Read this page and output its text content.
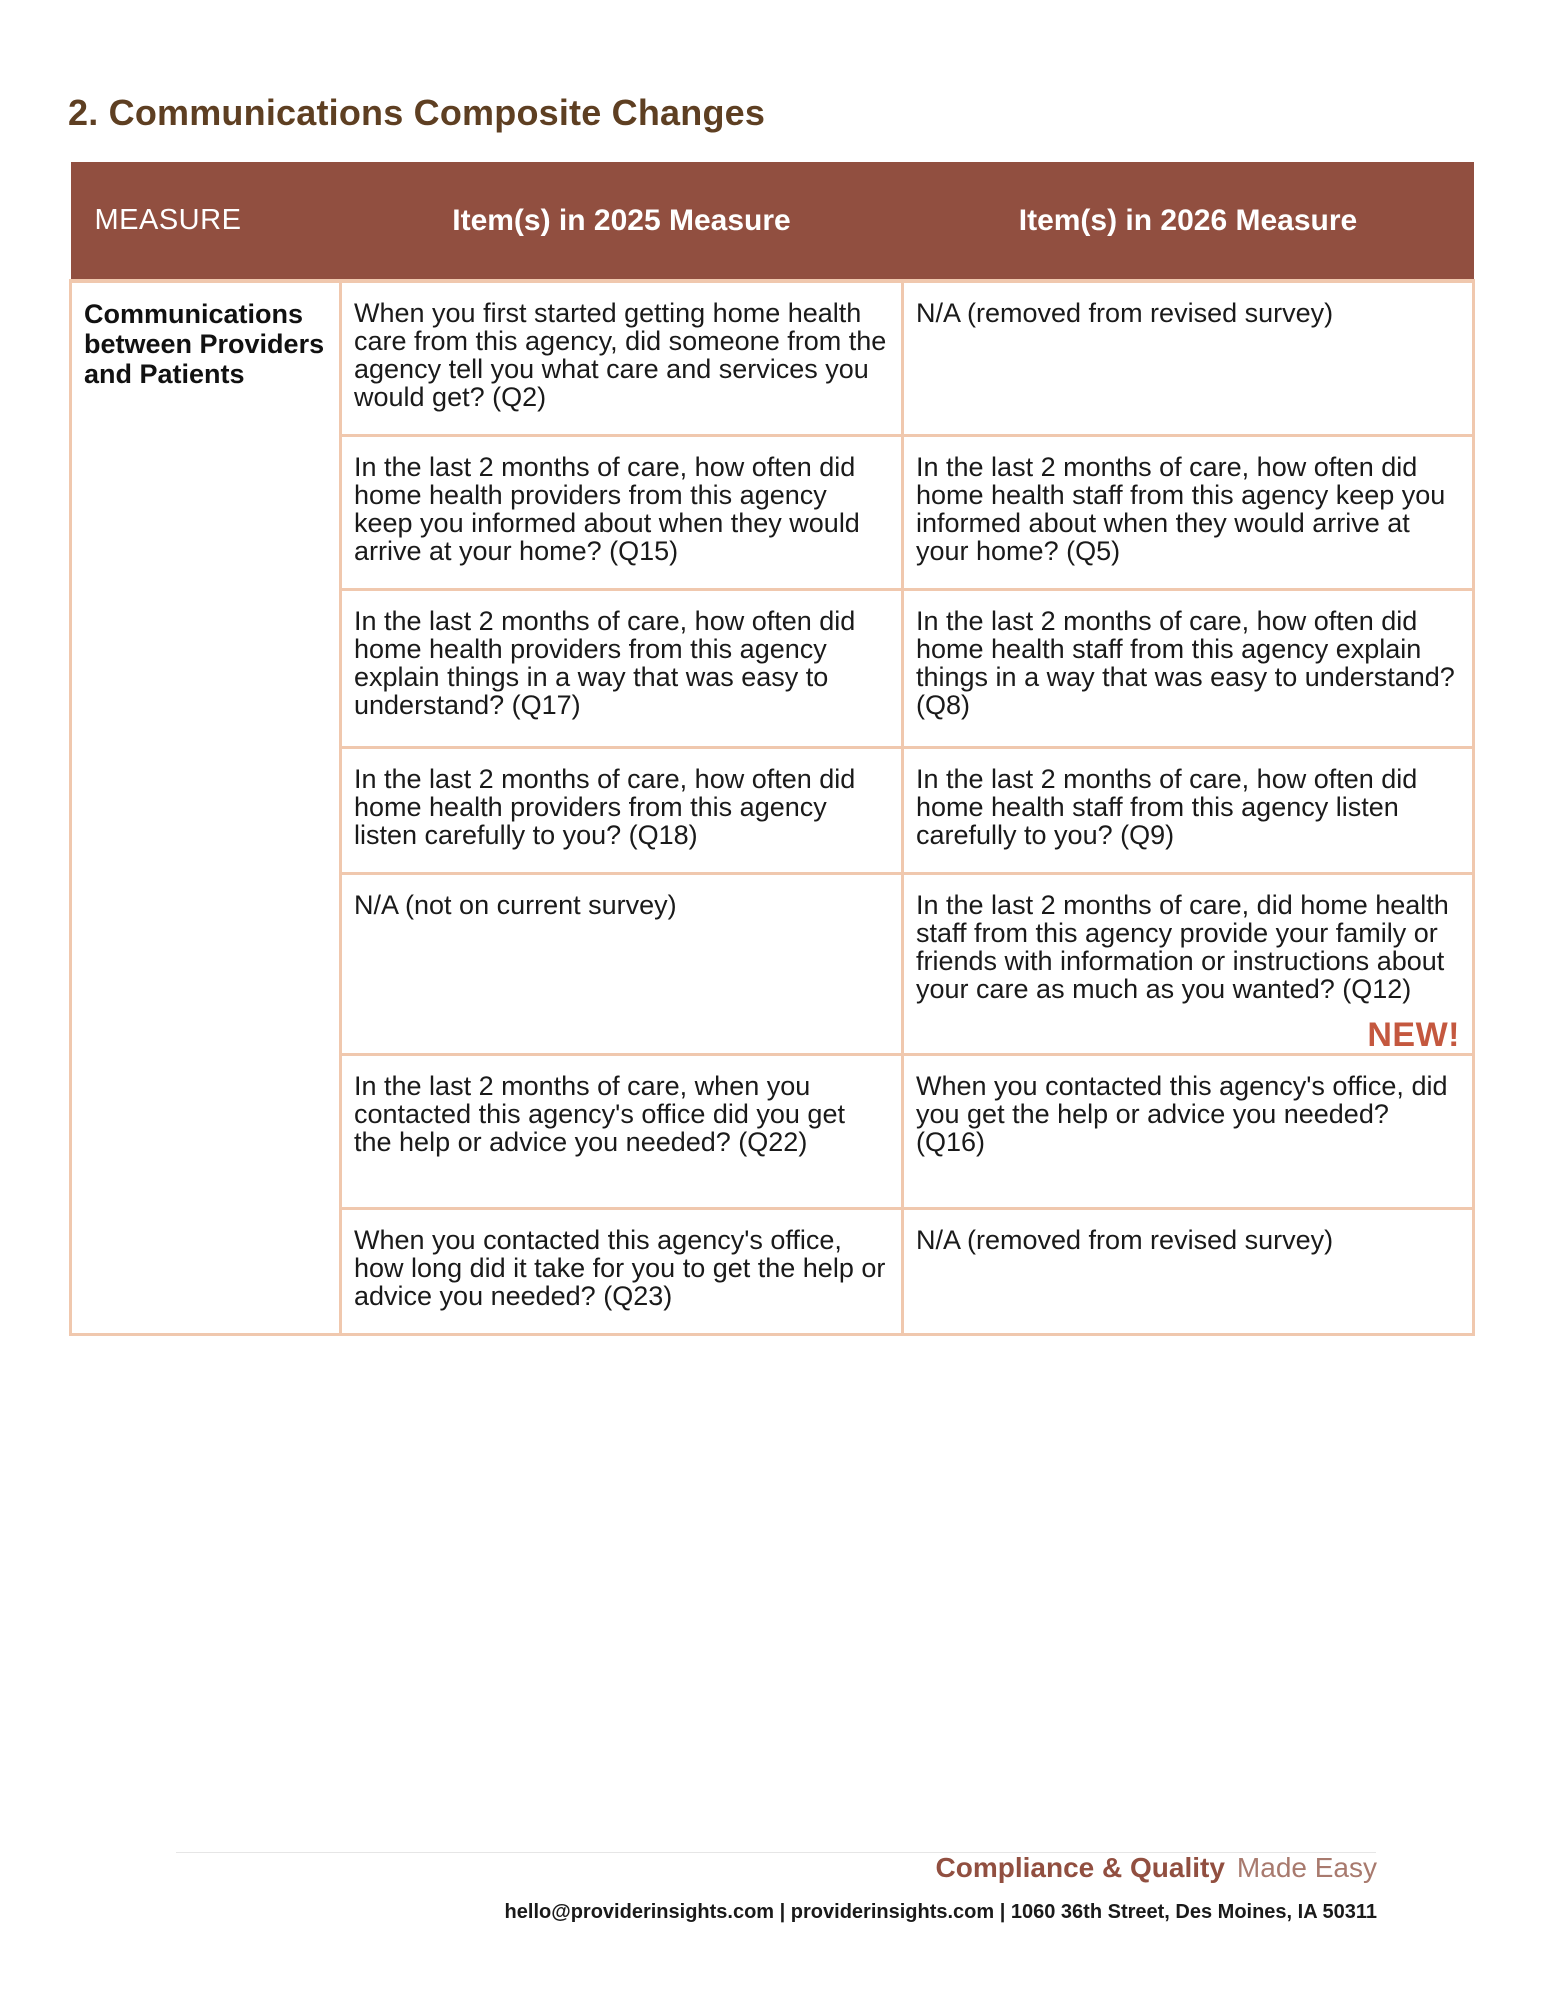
2. Communications Composite Changes
MEASURE	Item(s) in 2025 Measure	Item(s) in 2026 Measure
Communications between Providers and Patients	When you first started getting home health care from this agency, did someone from the agency tell you what care and services you would get? (Q2)	N/A (removed from revised survey)
	In the last 2 months of care, how often did home health providers from this agency keep you informed about when they would arrive at your home? (Q15)	In the last 2 months of care, how often did home health staff from this agency keep you informed about when they would arrive at your home? (Q5)
	In the last 2 months of care, how often did home health providers from this agency explain things in a way that was easy to understand? (Q17)	In the last 2 months of care, how often did home health staff from this agency explain things in a way that was easy to understand? (Q8)
	In the last 2 months of care, how often did home health providers from this agency listen carefully to you? (Q18)	In the last 2 months of care, how often did home health staff from this agency listen carefully to you? (Q9)
	N/A (not on current survey)	In the last 2 months of care, did home health staff from this agency provide your family or friends with information or instructions about your care as much as you wanted? (Q12)
NEW!

	In the last 2 months of care, when you contacted this agency's office did you get the help or advice you needed? (Q22)	When you contacted this agency's office, did you get the help or advice you needed? (Q16)
	When you contacted this agency's office, how long did it take for you to get the help or advice you needed? (Q23)	N/A (removed from revised survey)
Compliance & Quality Made Easy
hello@providerinsights.com | providerinsights.com | 1060 36th Street, Des Moines, IA 50311
